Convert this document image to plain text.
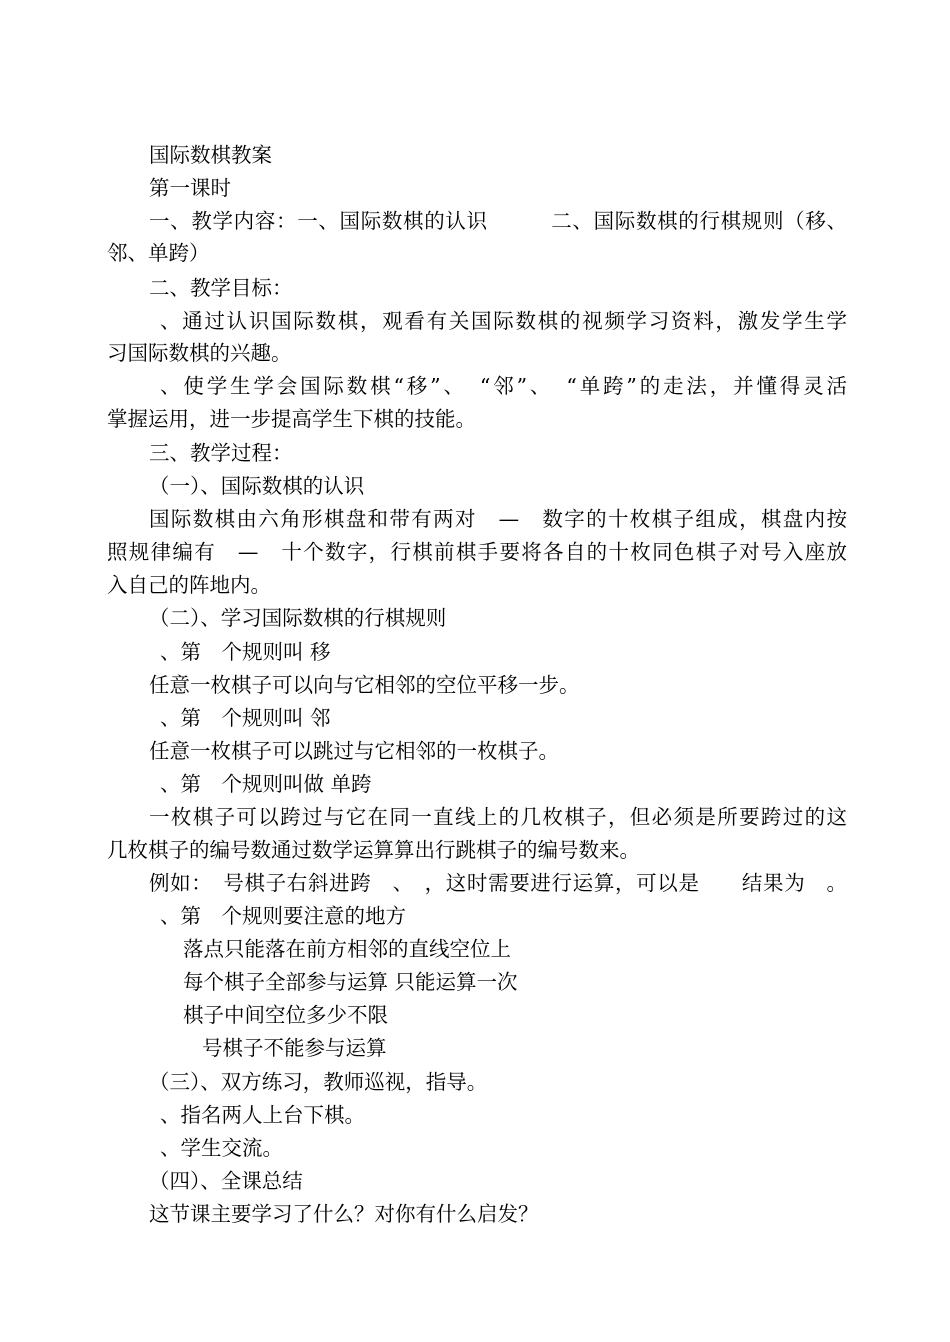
国际数棋教案
第一课时
一、教学内容：一、国际数棋的认识　　　二、国际数棋的行棋规则（移、
邻、单跨）
二、教学目标：
、通过认识国际数棋，观看有关国际数棋的视频学习资料，激发学生学
习国际数棋的兴趣。
、使学生学会国际数棋“移”、　“邻”、　“单跨”的走法，并懂得灵活
掌握运用，进一步提高学生下棋的技能。
三、教学过程：
（一）、国际数棋的认识
国际数棋由六角形棋盘和带有两对　—　数字的十枚棋子组成，棋盘内按
照规律编有　—　十个数字，行棋前棋手要将各自的十枚同色棋子对号入座放
入自己的阵地内。
（二）、学习国际数棋的行棋规则
、第　个规则叫 移
任意一枚棋子可以向与它相邻的空位平移一步。
、第　个规则叫 邻
任意一枚棋子可以跳过与它相邻的一枚棋子。
、第　个规则叫做 单跨
一枚棋子可以跨过与它在同一直线上的几枚棋子，但必须是所要跨过的这
几枚棋子的编号数通过数学运算算出行跳棋子的编号数来。
例如：　号棋子右斜进跨　、　，这时需要进行运算，可以是　　结果为　。
、第　个规则要注意的地方
落点只能落在前方相邻的直线空位上
每个棋子全部参与运算 只能运算一次
棋子中间空位多少不限
号棋子不能参与运算
（三）、双方练习，教师巡视，指导。
、指名两人上台下棋。
、学生交流。
（四）、全课总结
这节课主要学习了什么？对你有什么启发？
